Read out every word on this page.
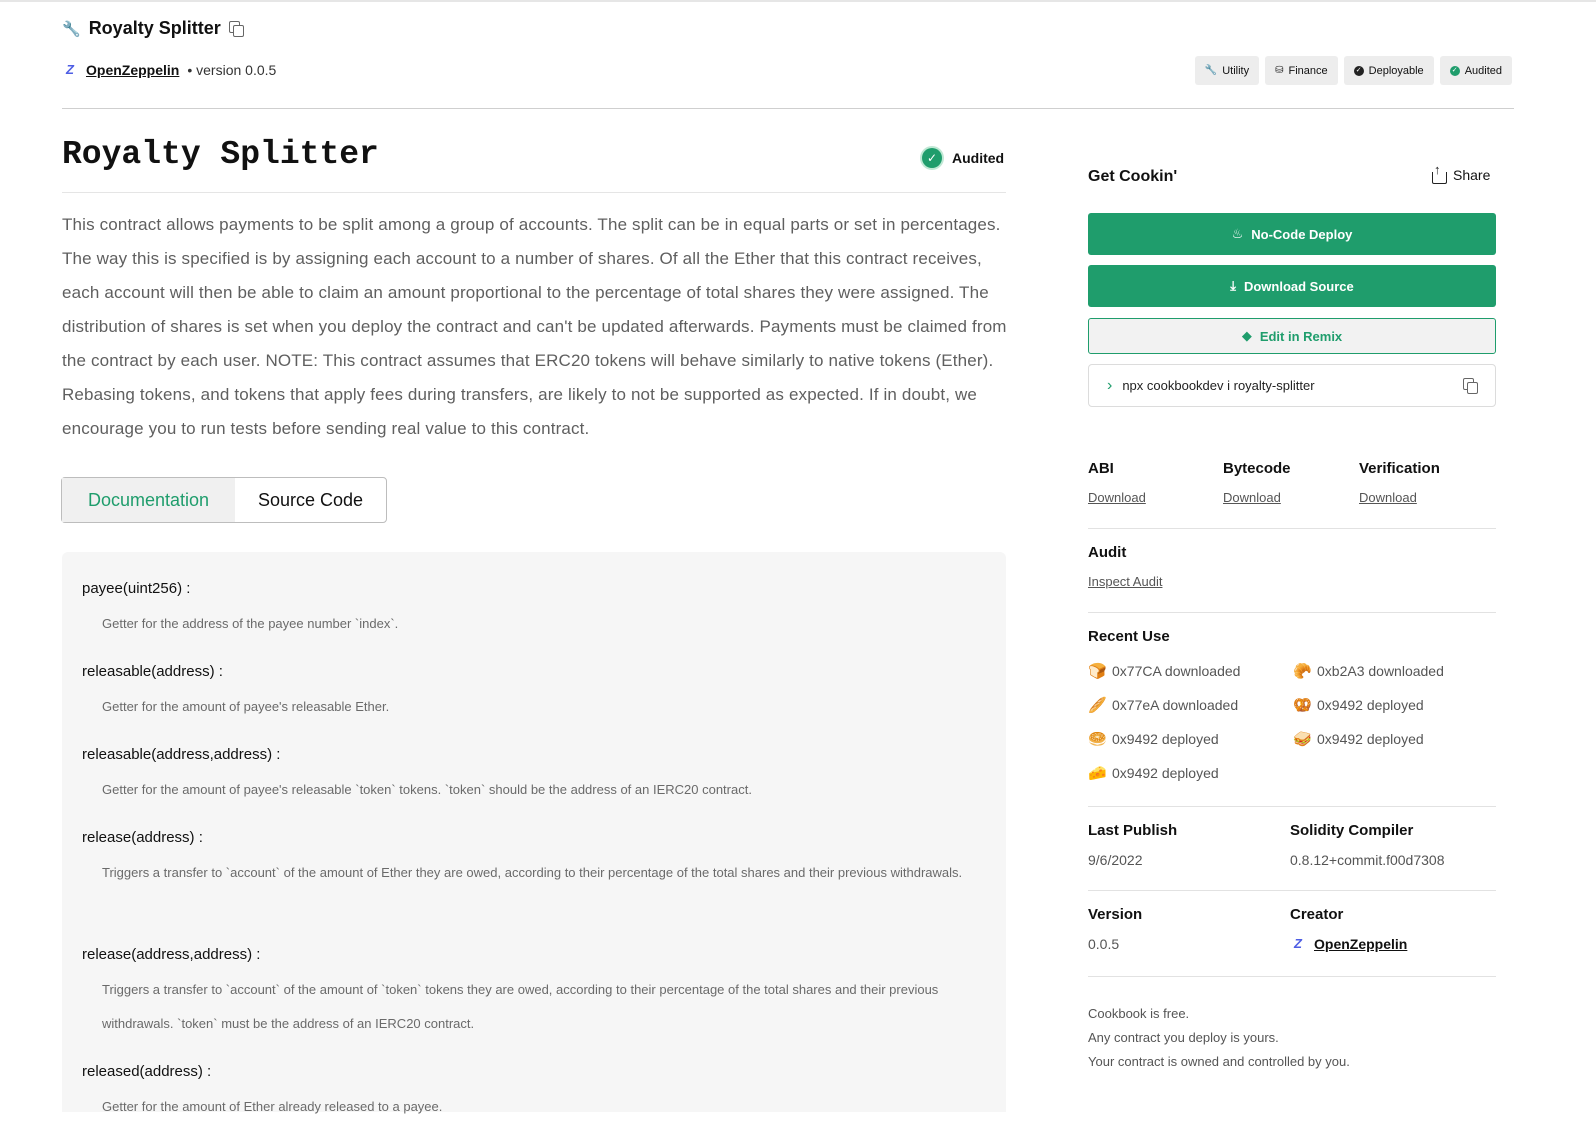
🔧 Royalty Splitter
Z OpenZeppelin • version 0.0.5	🔧 Utility	⛁ Finance	✓ Deployable	✓ Audited
Royalty Splitter	✓	Audited
This contract allows payments to be split among a group of accounts. The split can be in equal parts or set in percentages. The way this is specified is by assigning each account to a number of shares. Of all the Ether that this contract receives, each account will then be able to claim an amount proportional to the percentage of total shares they were assigned. The distribution of shares is set when you deploy the contract and can't be updated afterwards. Payments must be claimed from the contract by each user. NOTE: This contract assumes that ERC20 tokens will behave similarly to native tokens (Ether). Rebasing tokens, and tokens that apply fees during transfers, are likely to not be supported as expected. If in doubt, we encourage you to run tests before sending real value to this contract.
Documentation	Source Code
payee(uint256) :
Getter for the address of the payee number `index`.
releasable(address) :
Getter for the amount of payee's releasable Ether.
releasable(address,address) :
Getter for the amount of payee's releasable `token` tokens. `token` should be the address of an IERC20 contract.
release(address) :
Triggers a transfer to `account` of the amount of Ether they are owed, according to their percentage of the total shares and their previous withdrawals.
release(address,address) :
Triggers a transfer to `account` of the amount of `token` tokens they are owed, according to their percentage of the total shares and their previous withdrawals. `token` must be the address of an IERC20 contract.
released(address) :
Getter for the amount of Ether already released to a payee.
Get Cookin'
↑	Share
♨ No-Code Deploy
⤓ Download Source
◆ Edit in Remix
› npx cookbookdev i royalty-splitter
ABI	Bytecode	Verification
Download	Download	Download
Audit
Inspect Audit
Recent Use
🍞 0x77CA downloaded	🥐 0xb2A3 downloaded
🥖 0x77eA downloaded	🥨 0x9492 deployed
🥯 0x9492 deployed	🥪 0x9492 deployed
🧀 0x9492 deployed
Last Publish	Solidity Compiler
9/6/2022	0.8.12+commit.f00d7308
Version	Creator
0.0.5	Z OpenZeppelin
Cookbook is free.
Any contract you deploy is yours.
Your contract is owned and controlled by you.
